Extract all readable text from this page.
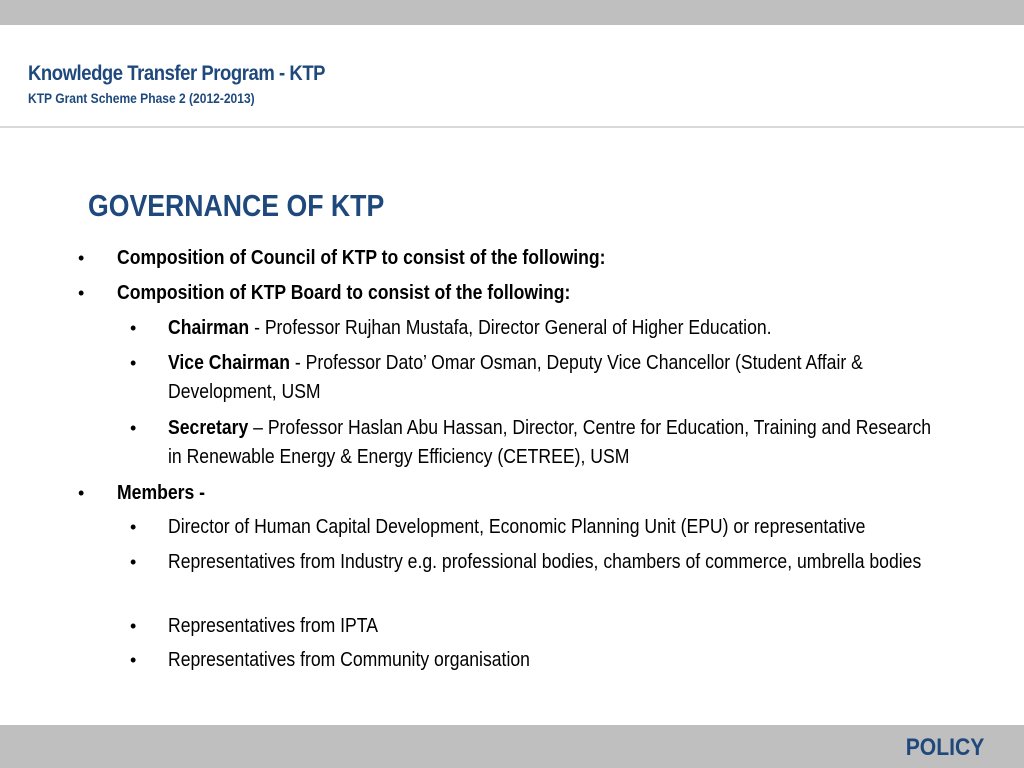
Knowledge Transfer Program - KTP
KTP Grant Scheme Phase 2 (2012-2013)
GOVERNANCE OF KTP
• Composition of Council of KTP to consist of the following:
• Composition of KTP Board to consist of the following:
• Chairman - Professor Rujhan Mustafa, Director General of Higher Education.
• Vice Chairman - Professor Dato’ Omar Osman, Deputy Vice Chancellor (Student Affair & Development, USM
• Secretary – Professor Haslan Abu Hassan, Director, Centre for Education, Training and Research in Renewable Energy & Energy Efficiency (CETREE), USM
• Members -
• Director of Human Capital Development, Economic Planning Unit (EPU) or representative
• Representatives from Industry e.g. professional bodies, chambers of commerce, umbrella bodies
• Representatives from IPTA
• Representatives from Community organisation
POLICY
